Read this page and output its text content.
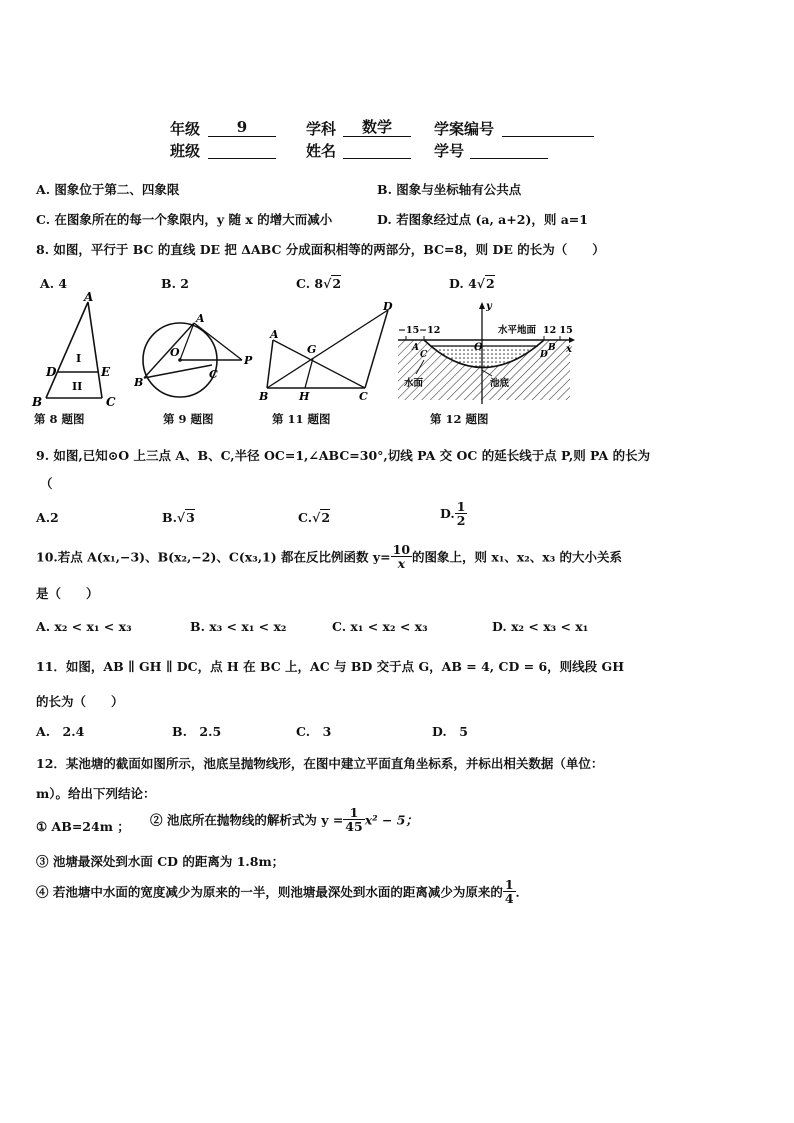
年级	9	学科	数学	学案编号
班级	姓名	学号
A. 图象位于第二、四象限	B. 图象与坐标轴有公共点
C. 在图象所在的每一个象限内，y 随 x 的增大而减小	D. 若图象经过点 (a, a+2)，则 a=1
8. 如图，平行于 BC 的直线 DE 把 ΔABC 分成面积相等的两部分，BC=8，则 DE 的长为（　　）
A. 4	B. 2	C. 8√2	D. 4√2
A
D	E
B	C
I
II
第 8 题图
A
O
B
C
P
第 9 题图
A
D
G
B	H	C
第 11 题图
−15−12	水平地面 12 15
y
x
O
A	B
C	D
水面	池底
第 12 题图
9. 如图,已知⊙O 上三点 A、B、C,半径 OC=1,∠ABC=30°,切线 PA 交 OC 的延长线于点 P,则 PA 的长为
（
A.2	B.√3	C.√2	D. $\frac{1}{2}$
10.若点 A(x₁,−3)、B(x₂,−2)、C(x₃,1) 都在反比例函数 $y= \frac{10}{x}$ 的图象上，则 x₁、x₂、x₃ 的大小关系
是（　　）
A. x₂ < x₁ < x₃	B. x₃ < x₁ < x₂	C. x₁ < x₂ < x₃	D. x₂ < x₃ < x₁
11．如图，AB ∥ GH ∥ DC，点 H 在 BC 上，AC 与 BD 交于点 G，AB = 4, CD = 6，则线段 GH
的长为（　　）
A.　2.4	B.　2.5	C.　3	D.　5
12．某池塘的截面如图所示，池底呈抛物线形，在图中建立平面直角坐标系，并标出相关数据（单位：
m）。给出下列结论：
① AB=24m ； ② 池底所在抛物线的解析式为 $y = \frac{1}{45} x^2 - 5$；
③ 池塘最深处到水面 CD 的距离为 1.8m；
④ 若池塘中水面的宽度减少为原来的一半，则池塘最深处到水面的距离减少为原来的 $\frac{1}{4}$ ．
